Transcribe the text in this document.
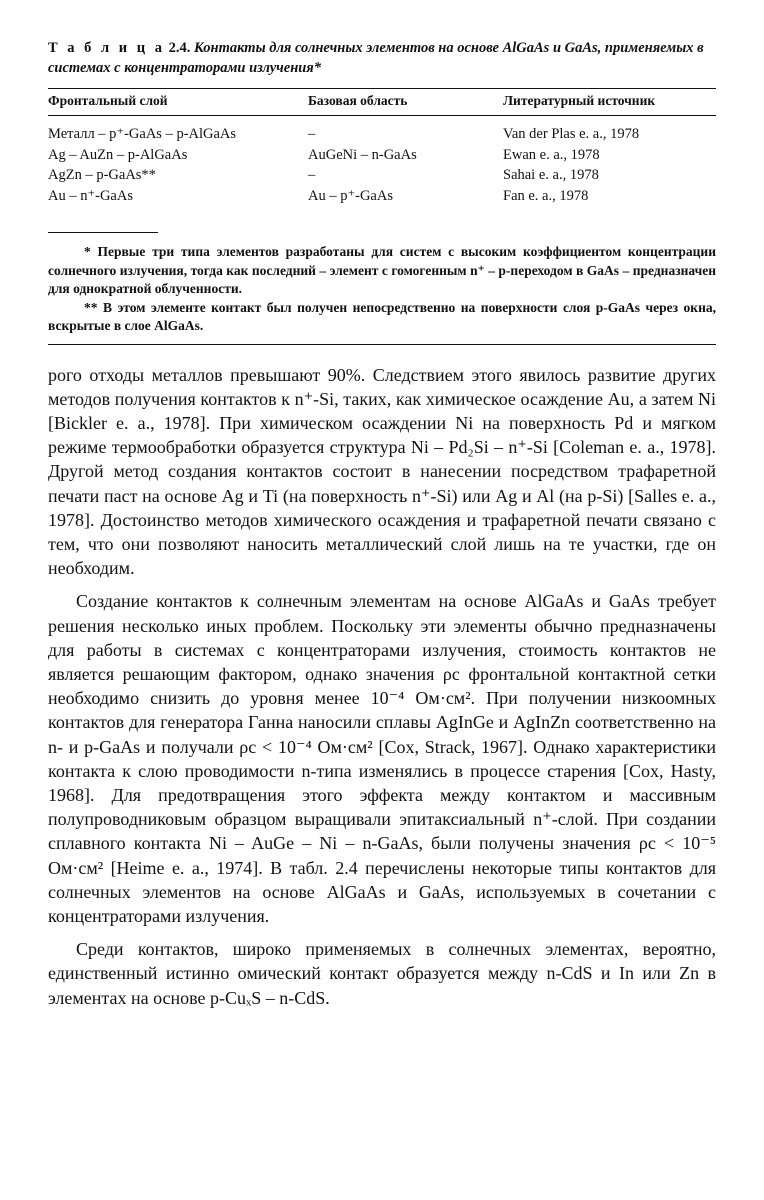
Т а б л и ц а 2.4. Контакты для солнечных элементов на основе AlGaAs и GaAs, применяемых в системах с концентраторами излучения*
Фронтальный слой	Базовая область	Литературный источник

Металл – p⁺-GaAs – p-AlGaAs	–	Van der Plas e. a., 1978
Ag – AuZn – p-AlGaAs	AuGeNi – n-GaAs	Ewan e. a., 1978
AgZn – p-GaAs**	–	Sahai e. a., 1978
Au – n⁺-GaAs	Au – p⁺-GaAs	Fan e. a., 1978

* Первые три типа элементов разработаны для систем с высоким коэффициентом концентрации солнечного излучения, тогда как последний – элемент с гомогенным n⁺ – p-переходом в GaAs – предназначен для однократной облученности.

** В этом элементе контакт был получен непосредственно на поверхности слоя p-GaAs через окна, вскрытые в слое AlGaAs.

рого отходы металлов превышают 90%. Следствием этого явилось развитие других методов получения контактов к n⁺-Si, таких, как химическое осаждение Au, а затем Ni [Bickler e. a., 1978]. При химическом осаждении Ni на поверхность Pd и мягком режиме термообработки образуется структура Ni – Pd₂Si – n⁺-Si [Coleman e. a., 1978]. Другой метод создания контактов состоит в нанесении посредством трафаретной печати паст на основе Ag и Ti (на поверхность n⁺-Si) или Ag и Al (на p-Si) [Salles e. a., 1978]. Достоинство методов химического осаждения и трафаретной печати связано с тем, что они позволяют наносить металлический слой лишь на те участки, где он необходим.

Создание контактов к солнечным элементам на основе AlGaAs и GaAs требует решения несколько иных проблем. Поскольку эти элементы обычно предназначены для работы в системах с концентраторами излучения, стоимость контактов не является решающим фактором, однако значения ρc фронтальной контактной сетки необходимо снизить до уровня менее 10⁻⁴ Ом·см². При получении низкоомных контактов для генератора Ганна наносили сплавы AgInGe и AgInZn соответственно на n- и p-GaAs и получали ρc < 10⁻⁴ Ом·см² [Cox, Strack, 1967]. Однако характеристики контакта к слою проводимости n-типа изменялись в процессе старения [Cox, Hasty, 1968]. Для предотвращения этого эффекта между контактом и массивным полупроводниковым образцом выращивали эпитаксиальный n⁺-слой. При создании сплавного контакта Ni – AuGe – Ni – n-GaAs, были получены значения ρc < 10⁻⁵ Ом·см² [Heime e. a., 1974]. В табл. 2.4 перечислены некоторые типы контактов для солнечных элементов на основе AlGaAs и GaAs, используемых в сочетании с концентраторами излучения.

Среди контактов, широко применяемых в солнечных элементах, вероятно, единственный истинно омический контакт образуется между n-CdS и In или Zn в элементах на основе p-CuₓS – n-CdS.
